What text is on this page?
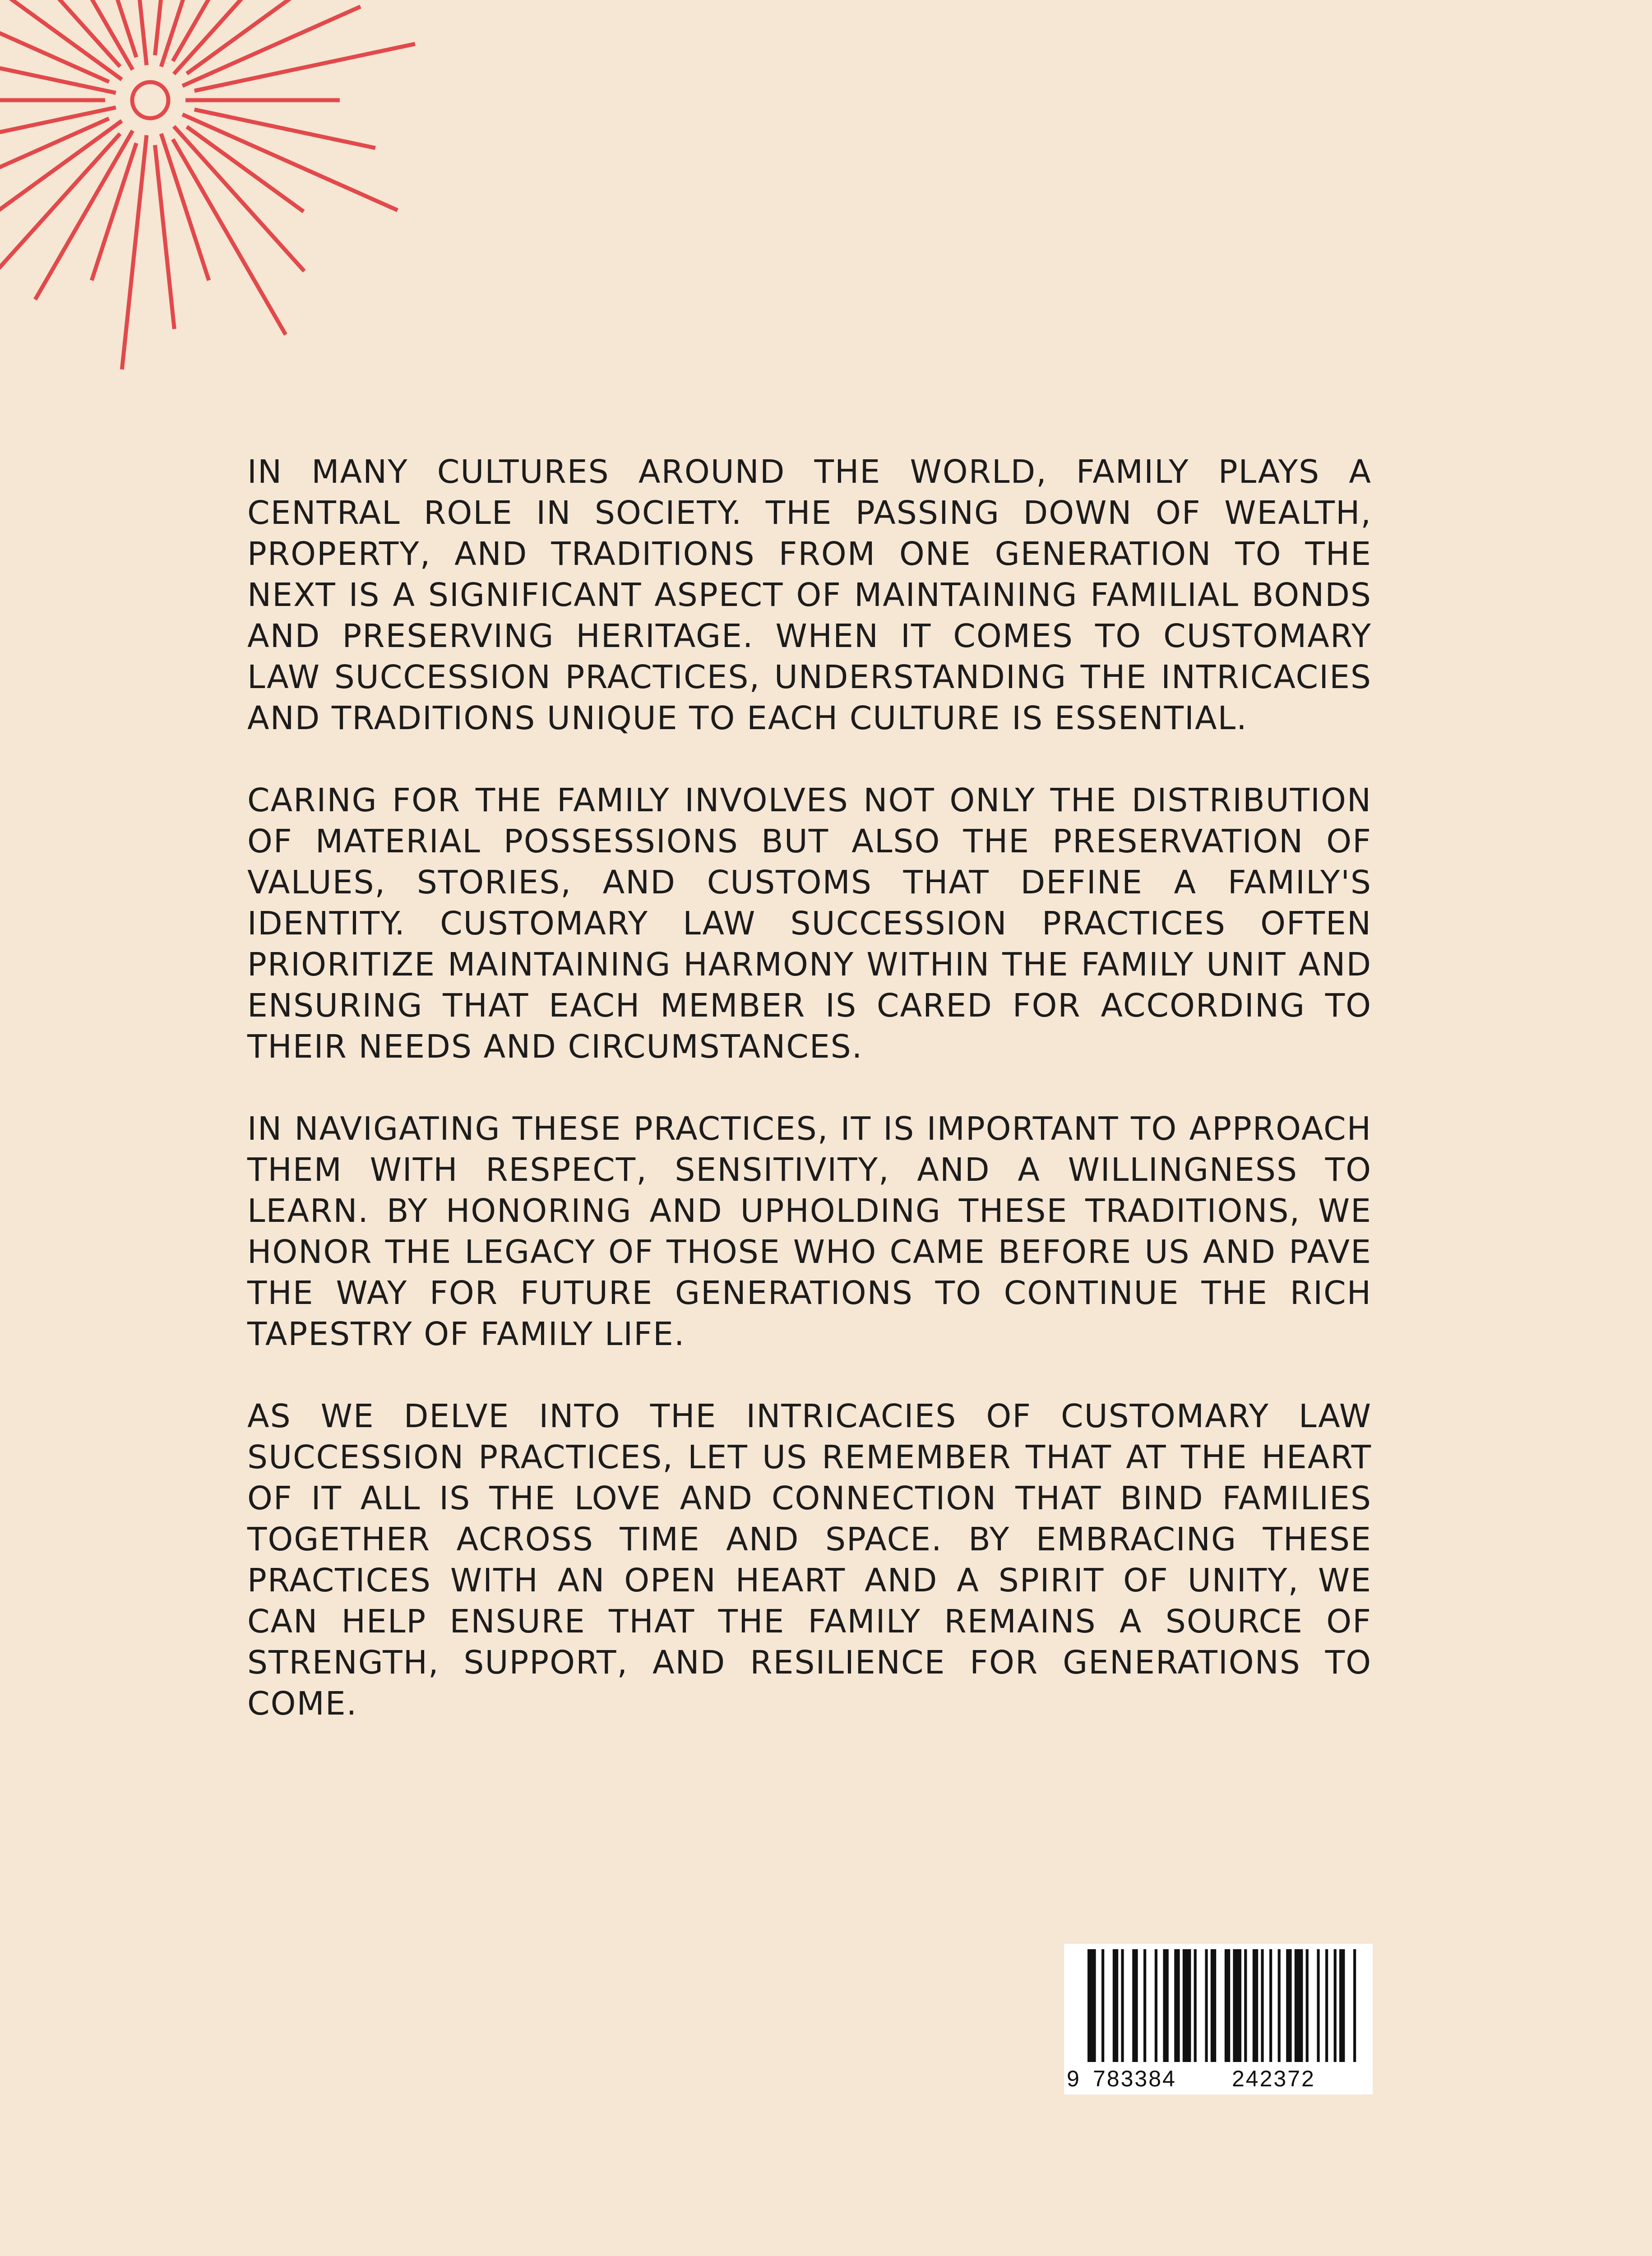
IN MANY CULTURES AROUND THE WORLD, FAMILY PLAYS A CENTRAL ROLE IN SOCIETY. THE PASSING DOWN OF WEALTH, PROPERTY, AND TRADITIONS FROM ONE GENERATION TO THE NEXT IS A SIGNIFICANT ASPECT OF MAINTAINING FAMILIAL BONDS AND PRESERVING HERITAGE. WHEN IT COMES TO CUSTOMARY LAW SUCCESSION PRACTICES, UNDERSTANDING THE INTRICACIES AND TRADITIONS UNIQUE TO EACH CULTURE IS ESSENTIAL.

CARING FOR THE FAMILY INVOLVES NOT ONLY THE DISTRIBUTION OF MATERIAL POSSESSIONS BUT ALSO THE PRESERVATION OF VALUES, STORIES, AND CUSTOMS THAT DEFINE A FAMILY'S IDENTITY. CUSTOMARY LAW SUCCESSION PRACTICES OFTEN PRIORITIZE MAINTAINING HARMONY WITHIN THE FAMILY UNIT AND ENSURING THAT EACH MEMBER IS CARED FOR ACCORDING TO THEIR NEEDS AND CIRCUMSTANCES.

IN NAVIGATING THESE PRACTICES, IT IS IMPORTANT TO APPROACH THEM WITH RESPECT, SENSITIVITY, AND A WILLINGNESS TO LEARN. BY HONORING AND UPHOLDING THESE TRADITIONS, WE HONOR THE LEGACY OF THOSE WHO CAME BEFORE US AND PAVE THE WAY FOR FUTURE GENERATIONS TO CONTINUE THE RICH TAPESTRY OF FAMILY LIFE.

AS WE DELVE INTO THE INTRICACIES OF CUSTOMARY LAW SUCCESSION PRACTICES, LET US REMEMBER THAT AT THE HEART OF IT ALL IS THE LOVE AND CONNECTION THAT BIND FAMILIES TOGETHER ACROSS TIME AND SPACE. BY EMBRACING THESE PRACTICES WITH AN OPEN HEART AND A SPIRIT OF UNITY, WE CAN HELP ENSURE THAT THE FAMILY REMAINS A SOURCE OF STRENGTH, SUPPORT, AND RESILIENCE FOR GENERATIONS TO COME.

9 783384 242372
